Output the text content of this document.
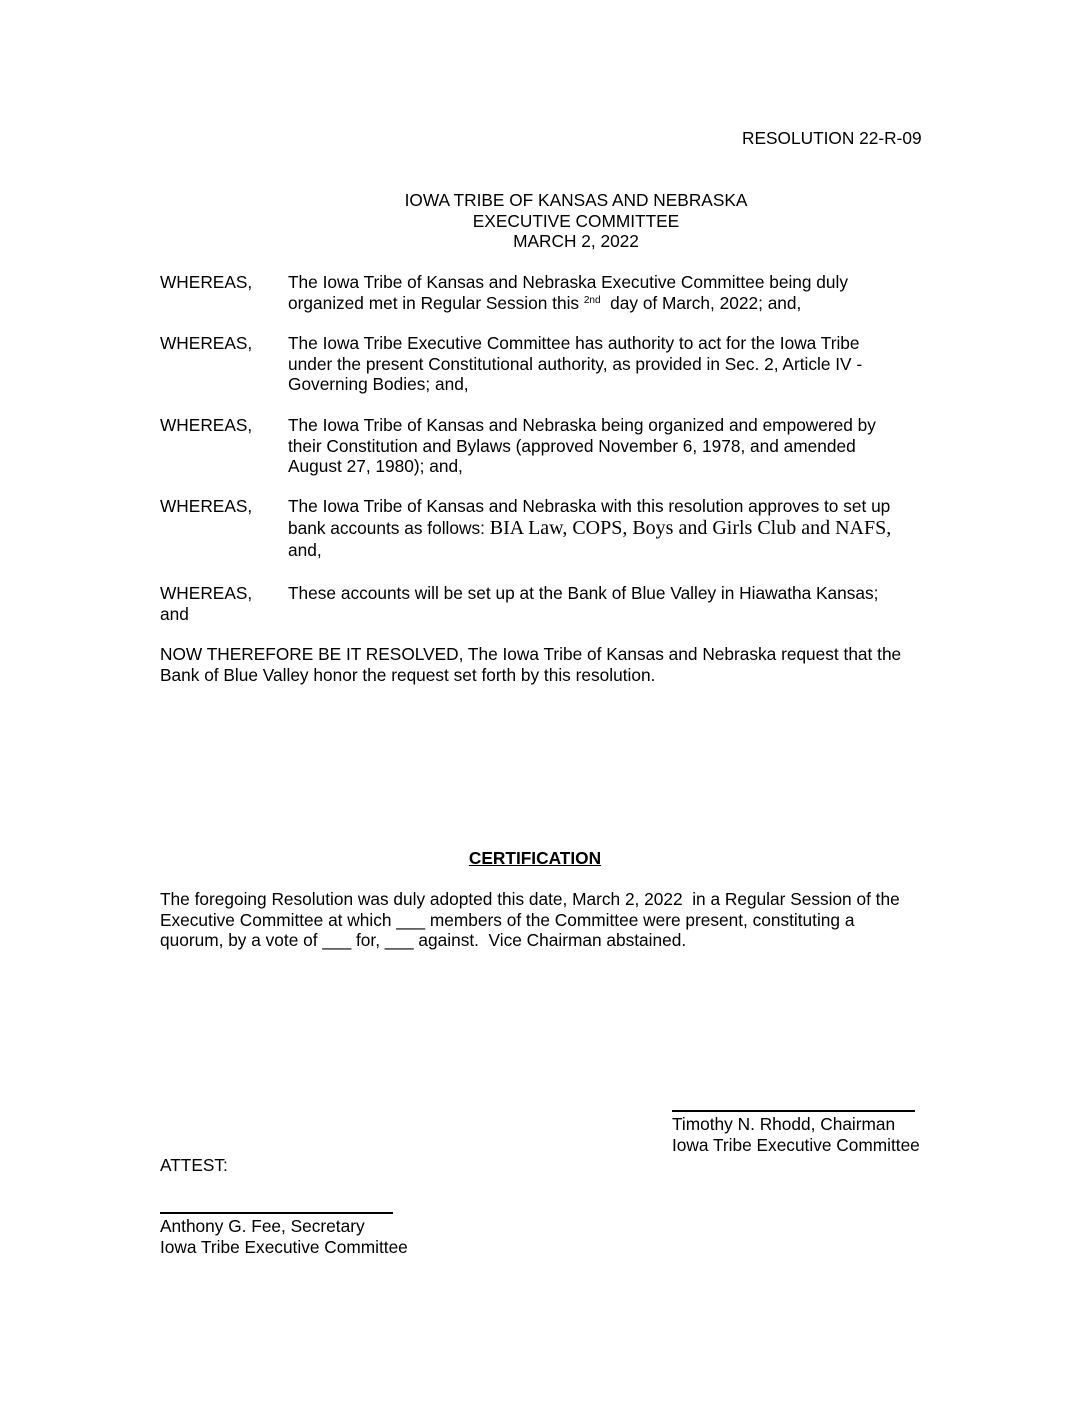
RESOLUTION 22-R-09
IOWA TRIBE OF KANSAS AND NEBRASKA
EXECUTIVE COMMITTEE
MARCH 2, 2022
WHEREAS, The Iowa Tribe of Kansas and Nebraska Executive Committee being duly
organized met in Regular Session this $^{2nd}$  day of March, 2022; and,
WHEREAS, The Iowa Tribe Executive Committee has authority to act for the Iowa Tribe
under the present Constitutional authority, as provided in Sec. 2, Article IV -
Governing Bodies; and,
WHEREAS, The Iowa Tribe of Kansas and Nebraska being organized and empowered by
their Constitution and Bylaws (approved November 6, 1978, and amended
August 27, 1980); and,
WHEREAS, The Iowa Tribe of Kansas and Nebraska with this resolution approves to set up
bank accounts as follows: BIA Law, COPS, Boys and Girls Club and NAFS,
and,
WHEREAS, These accounts will be set up at the Bank of Blue Valley in Hiawatha Kansas;
and
NOW THEREFORE BE IT RESOLVED, The Iowa Tribe of Kansas and Nebraska request that the
Bank of Blue Valley honor the request set forth by this resolution.
CERTIFICATION
The foregoing Resolution was duly adopted this date, March 2, 2022  in a Regular Session of the
Executive Committee at which ___ members of the Committee were present, constituting a
quorum, by a vote of ___ for, ___ against.  Vice Chairman abstained.
Timothy N. Rhodd, Chairman
Iowa Tribe Executive Committee
ATTEST:
Anthony G. Fee, Secretary
Iowa Tribe Executive Committee
